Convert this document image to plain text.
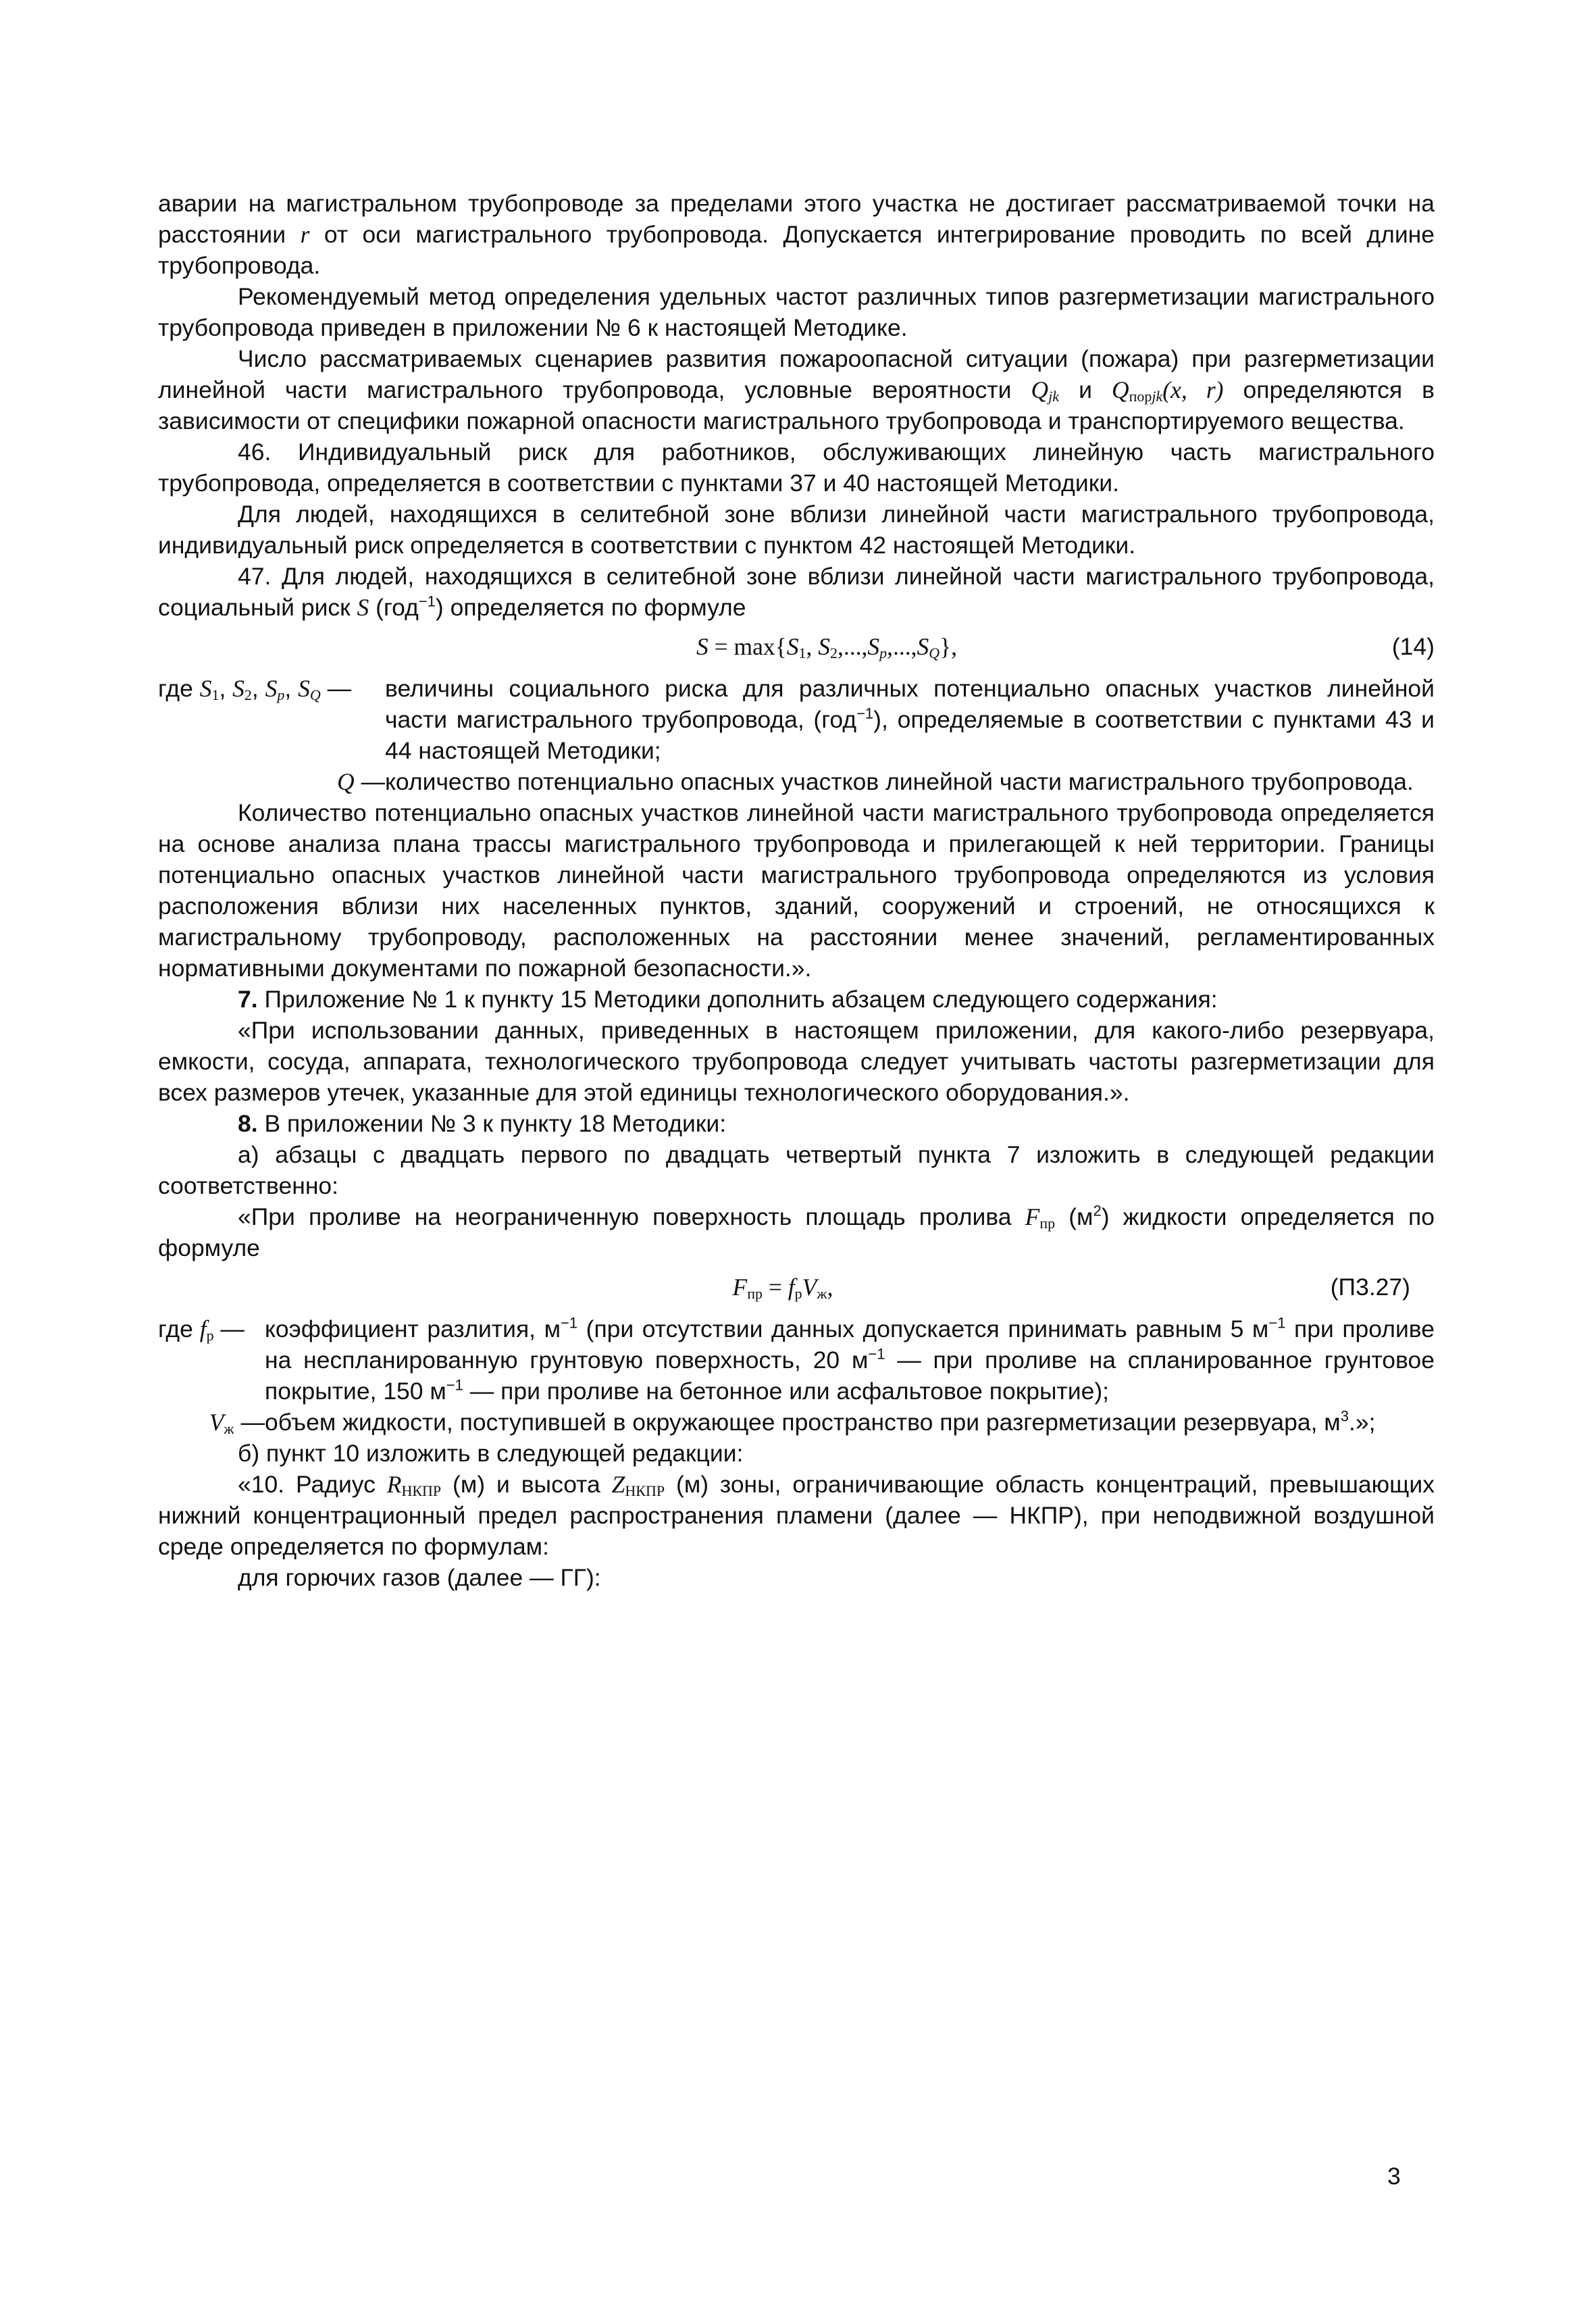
аварии на магистральном трубопроводе за пределами этого участка не достигает рассматриваемой точки на расстоянии r от оси магистрального трубопровода. Допускается интегрирование проводить по всей длине трубопровода.

Рекомендуемый метод определения удельных частот различных типов разгерметизации магистрального трубопровода приведен в приложении № 6 к настоящей Методике.

Число рассматриваемых сценариев развития пожароопасной ситуации (пожара) при разгерметизации линейной части магистрального трубопровода, условные вероятности $Q_{jk}$ и $Q_{порjk}(x$, r) определяются в зависимости от специфики пожарной опасности магистрального трубопровода и транспортируемого вещества.

46. Индивидуальный риск для работников, обслуживающих линейную часть магистрального трубопровода, определяется в соответствии с пунктами 37 и 40 настоящей Методики.

Для людей, находящихся в селитебной зоне вблизи линейной части магистрального трубопровода, индивидуальный риск определяется в соответствии с пунктом 42 настоящей Методики.

47. Для людей, находящихся в селитебной зоне вблизи линейной части магистрального трубопровода, социальный риск S (год$^{-1}$) определяется по формуле

$S = \max\{S_1$, $S_2,...,S_p,...,S_Q$},	(14)
где $S_1$, $S_2$, $S_p$, $S_Q$ —	величины социального риска для различных потенциально опасных участков линейной части магистрального трубопровода, (год$^{-1}$), определяемые в соответствии с пунктами 43 и 44 настоящей Методики;
Q — количество потенциально опасных участков линейной части магистрального трубопровода.

Количество потенциально опасных участков линейной части магистрального трубопровода определяется на основе анализа плана трассы магистрального трубопровода и прилегающей к ней территории. Границы потенциально опасных участков линейной части магистрального трубопровода определяются из условия расположения вблизи них населенных пунктов, зданий, сооружений и строений, не относящихся к магистральному трубопроводу, расположенных на расстоянии менее значений, регламентированных нормативными документами по пожарной безопасности.».

7. Приложение № 1 к пункту 15 Методики дополнить абзацем следующего содержания:

«При использовании данных, приведенных в настоящем приложении, для какого-либо резервуара, емкости, сосуда, аппарата, технологического трубопровода следует учитывать частоты разгерметизации для всех размеров утечек, указанные для этой единицы технологического оборудования.».

8. В приложении № 3 к пункту 18 Методики:

а) абзацы с двадцать первого по двадцать четвертый пункта 7 изложить в следующей редакции соответственно:

«При проливе на неограниченную поверхность площадь пролива $F_{пр}$ $(м^2)$ жидкости определяется по формуле

$F_{пр} = f_рV_ж$,	(П3.27)
где $f_р$ — коэффициент разлития, $м^{-1}$ (при отсутствии данных допускается принимать равным 5 $м^{-1}$ при проливе на неспланированную грунтовую поверхность, 20 $м^{-1}$ — при проливе на спланированное грунтовое покрытие, 150 $м^{-1}$ — при проливе на бетонное или асфальтовое покрытие);
$V_ж$ — объем жидкости, поступившей в окружающее пространство при разгерметизации резервуара, $м^3$.»;

б) пункт 10 изложить в следующей редакции:

«10. Радиус $R_{НКПР}$ (м) и высота $Z_{НКПР}$ (м) зоны, ограничивающие область концентраций, превышающих нижний концентрационный предел распространения пламени (далее — НКПР), при неподвижной воздушной среде определяется по формулам:

для горючих газов (далее — ГГ):

3
